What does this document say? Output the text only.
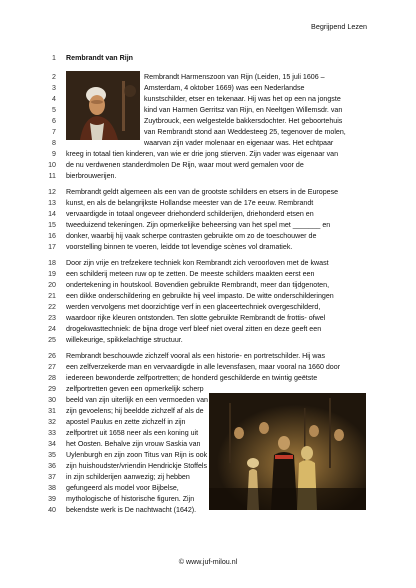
Begrijpend Lezen
1 Rembrandt van Rijn
2	Rembrandt Harmenszoon van Rijn (Leiden, 15 juli 1606 –
3	Amsterdam, 4 oktober 1669) was een Nederlandse
4	kunstschilder, etser en tekenaar. Hij was het op een na jongste
5	kind van Harmen Gerritsz van Rijn, en Neeltgen Willemsdr. van
6	Zuytbrouck, een welgestelde bakkersdochter. Het geboortehuis
7	van Rembrandt stond aan Weddesteeg 25, tegenover de molen,
8	waarvan zijn vader molenaar en eigenaar was. Het echtpaar
9 kreeg in totaal tien kinderen, van wie er drie jong stierven. Zijn vader was eigenaar van
10 de nu verdwenen standerdmolen De Rijn, waar mout werd gemalen voor de
11 bierbrouwerijen.
12 Rembrandt geldt algemeen als een van de grootste schilders en etsers in de Europese
13 kunst, en als de belangrijkste Hollandse meester van de 17e eeuw. Rembrandt
14 vervaardigde in totaal ongeveer driehonderd schilderijen, driehonderd etsen en
15 tweeduizend tekeningen. Zijn opmerkelijke beheersing van het spel met _______ en
16 donker, waarbij hij vaak scherpe contrasten gebruikte om zo de toeschouwer de
17 voorstelling binnen te voeren, leidde tot levendige scènes vol dramatiek.
18 Door zijn vrije en trefzekere techniek kon Rembrandt zich veroorloven met de kwast
19 een schilderij meteen ruw op te zetten. De meeste schilders maakten eerst een
20 ondertekening in houtskool. Bovendien gebruikte Rembrandt, meer dan tijdgenoten,
21 een dikke onderschildering en gebruikte hij veel impasto. De witte onderschilderingen
22 werden vervolgens met doorzichtige verf in een glaceertechniek overgeschilderd,
23 waardoor rijke kleuren ontstonden. Ten slotte gebruikte Rembrandt de frottis- ofwel
24 drogekwasttechniek: de bijna droge verf bleef niet overal zitten en deze geeft een
25 willekeurige, spikkelachtige structuur.
26 Rembrandt beschouwde zichzelf vooral als een historie- en portretschilder. Hij was
27 een zelfverzekerde man en vervaardigde in alle levensfasen, maar vooral na 1660 door
28 iedereen bewonderde zelfportretten; de honderd geschilderde en twintig geëtste
29 zelfportretten geven een opmerkelijk scherp
30 beeld van zijn uiterlijk en een vermoeden van
31 zijn gevoelens; hij beeldde zichzelf af als de
32 apostel Paulus en zette zichzelf in zijn
33 zelfportret uit 1658 neer als een koning uit
34 het Oosten. Behalve zijn vrouw Saskia van
35 Uylenburgh en zijn zoon Titus van Rijn is ook
36 zijn huishoudster/vriendin Hendrickje Stoffels
37 in zijn schilderijen aanwezig; zij hebben
38 gefungeerd als model voor Bijbelse,
39 mythologische of historische figuren. Zijn
40 bekendste werk is De nachtwacht (1642).
© www.juf-milou.nl
